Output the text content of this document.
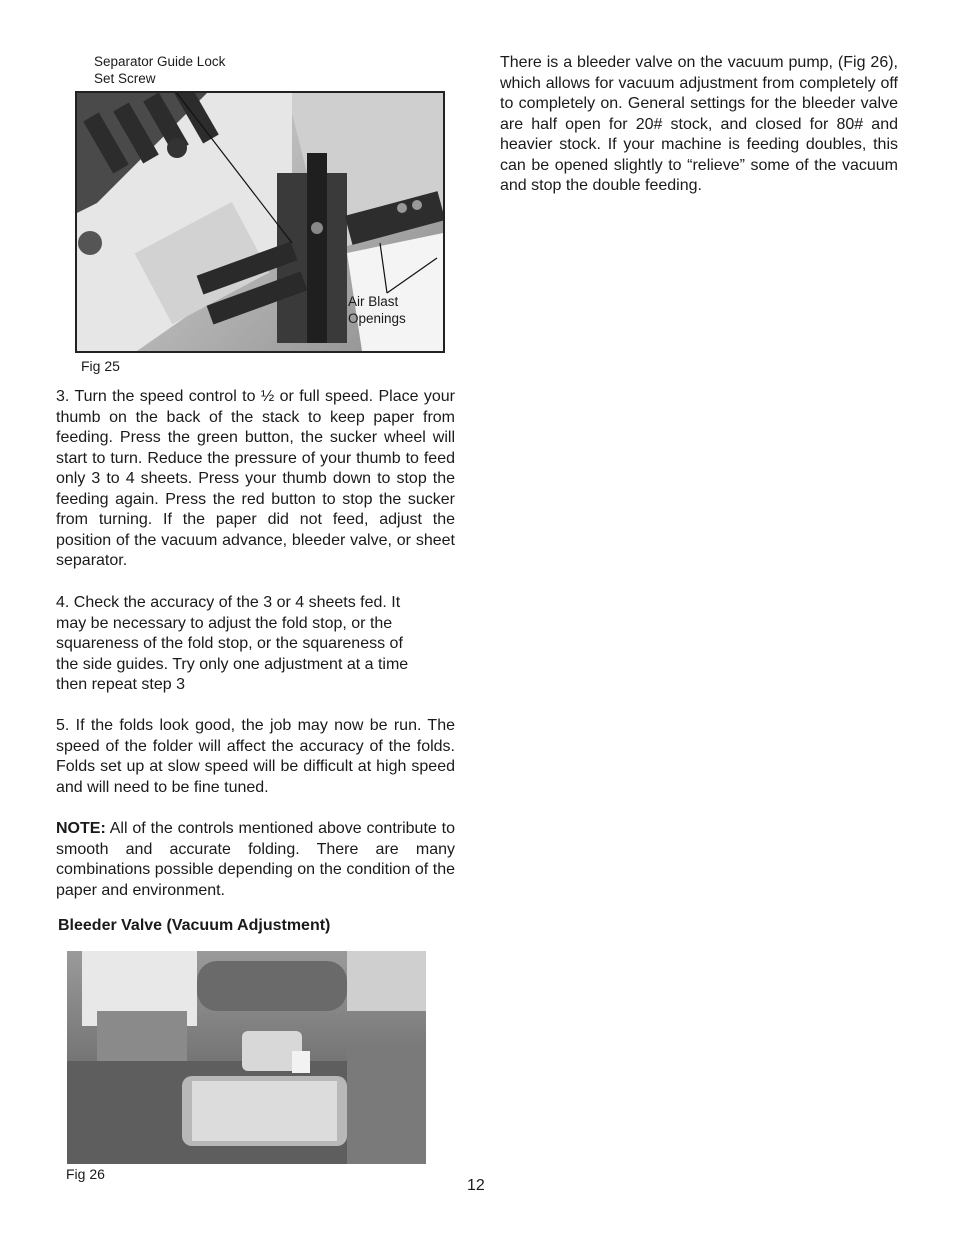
Separator Guide Lock
Set Screw
Air Blast
Openings
Fig 25
3. Turn the speed control to ½ or full speed. Place your thumb on the back of the stack to keep paper from feeding. Press the green button, the sucker wheel will start to turn. Reduce the pressure of your thumb to feed only 3 to 4 sheets. Press your thumb down to stop the feeding again. Press the red button to stop the sucker from turning. If the paper did not feed, adjust the position of the vacuum advance, bleeder valve, or sheet separator.
4. Check the accuracy of the 3 or 4 sheets fed. It
may be necessary to adjust the fold stop, or the
squareness of the fold stop, or the squareness of
the side guides. Try only one adjustment at a time
then repeat step 3
5. If the folds look good, the job may now be run. The speed of the folder will affect the accuracy of the folds. Folds set up at slow speed will be difficult at high speed and will need to be fine tuned.
NOTE: All of the controls mentioned above contribute to smooth and accurate folding. There are many combinations possible depending on the condition of the paper and environment.
Bleeder Valve (Vacuum Adjustment)
Fig 26
There is a bleeder valve on the vacuum pump, (Fig 26), which allows for vacuum adjustment from completely off to completely on. General settings for the bleeder valve are half open for 20# stock, and closed for 80# and heavier stock. If your machine is feeding doubles, this can be opened slightly to “relieve” some of the vacuum and stop the double feeding.
12
